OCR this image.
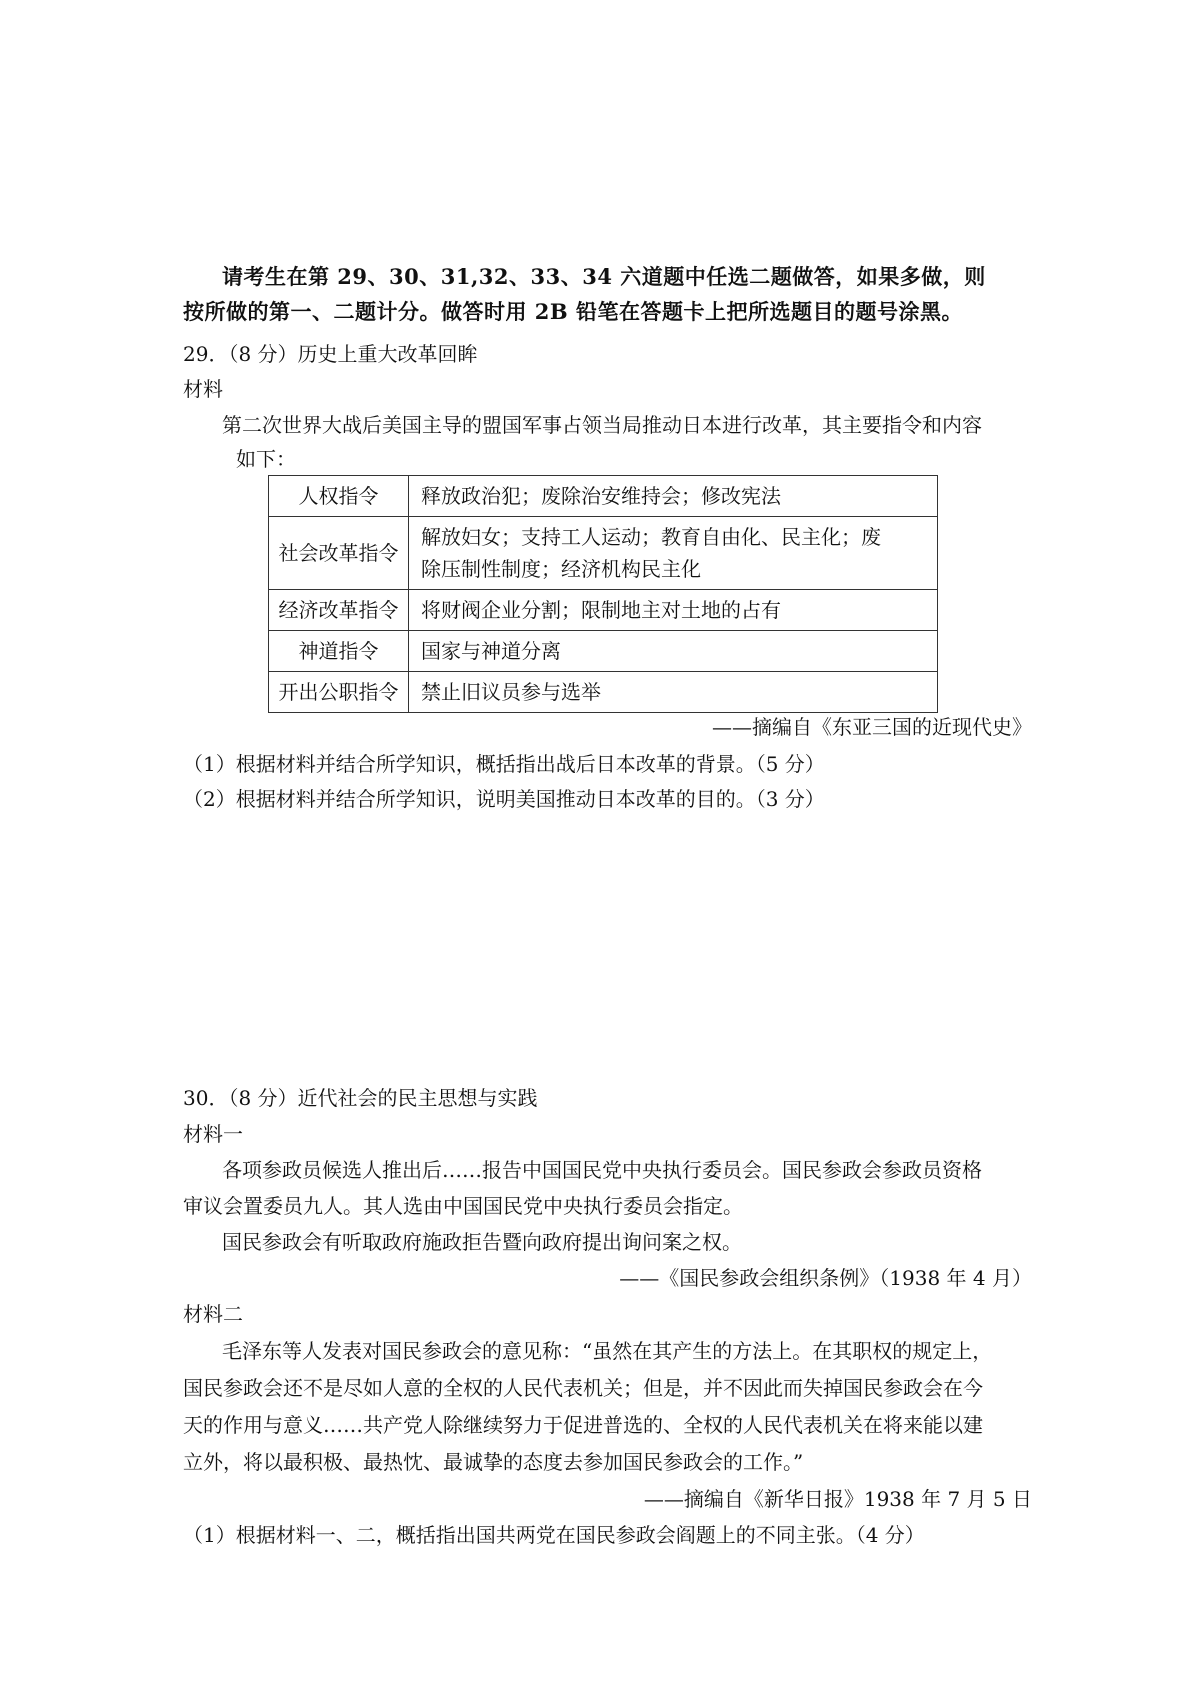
请考生在第 29、30、31,32、33、34 六道题中任选二题做答，如果多做，则
按所做的第一、二题计分。做答时用 2B 铅笔在答题卡上把所选题目的题号涂黑。
29．（8 分）历史上重大改革回眸
材料
第二次世界大战后美国主导的盟国军事占领当局推动日本进行改革，其主要指令和内容
如下：
人权指令	释放政治犯；废除治安维持会；修改宪法
社会改革指令	解放妇女；支持工人运动；教育自由化、民主化；废
除压制性制度；经济机构民主化

经济改革指令	将财阀企业分割；限制地主对土地的占有
神道指令	国家与神道分离
开出公职指令	禁止旧议员参与选举
——摘编自《东亚三国的近现代史》
（1）根据材料并结合所学知识，概括指出战后日本改革的背景。（5 分）
（2）根据材料并结合所学知识，说明美国推动日本改革的目的。（3 分）
30．（8 分）近代社会的民主思想与实践
材料一
各项参政员候选人推出后……报告中国国民党中央执行委员会。国民参政会参政员资格
审议会置委员九人。其人选由中国国民党中央执行委员会指定。
国民参政会有听取政府施政拒告暨向政府提出询问案之权。
——《国民参政会组织条例》（1938 年 4 月）
材料二
毛泽东等人发表对国民参政会的意见称：“虽然在其产生的方法上。在其职权的规定上，
国民参政会还不是尽如人意的全权的人民代表机关；但是，并不因此而失掉国民参政会在今
天的作用与意义……共产党人除继续努力于促进普选的、全权的人民代表机关在将来能以建
立外，将以最积极、最热忱、最诚挚的态度去参加国民参政会的工作。”
——摘编自《新华日报》1938 年 7 月 5 日
（1）根据材料一、二，概括指出国共两党在国民参政会阎题上的不同主张。（4 分）
